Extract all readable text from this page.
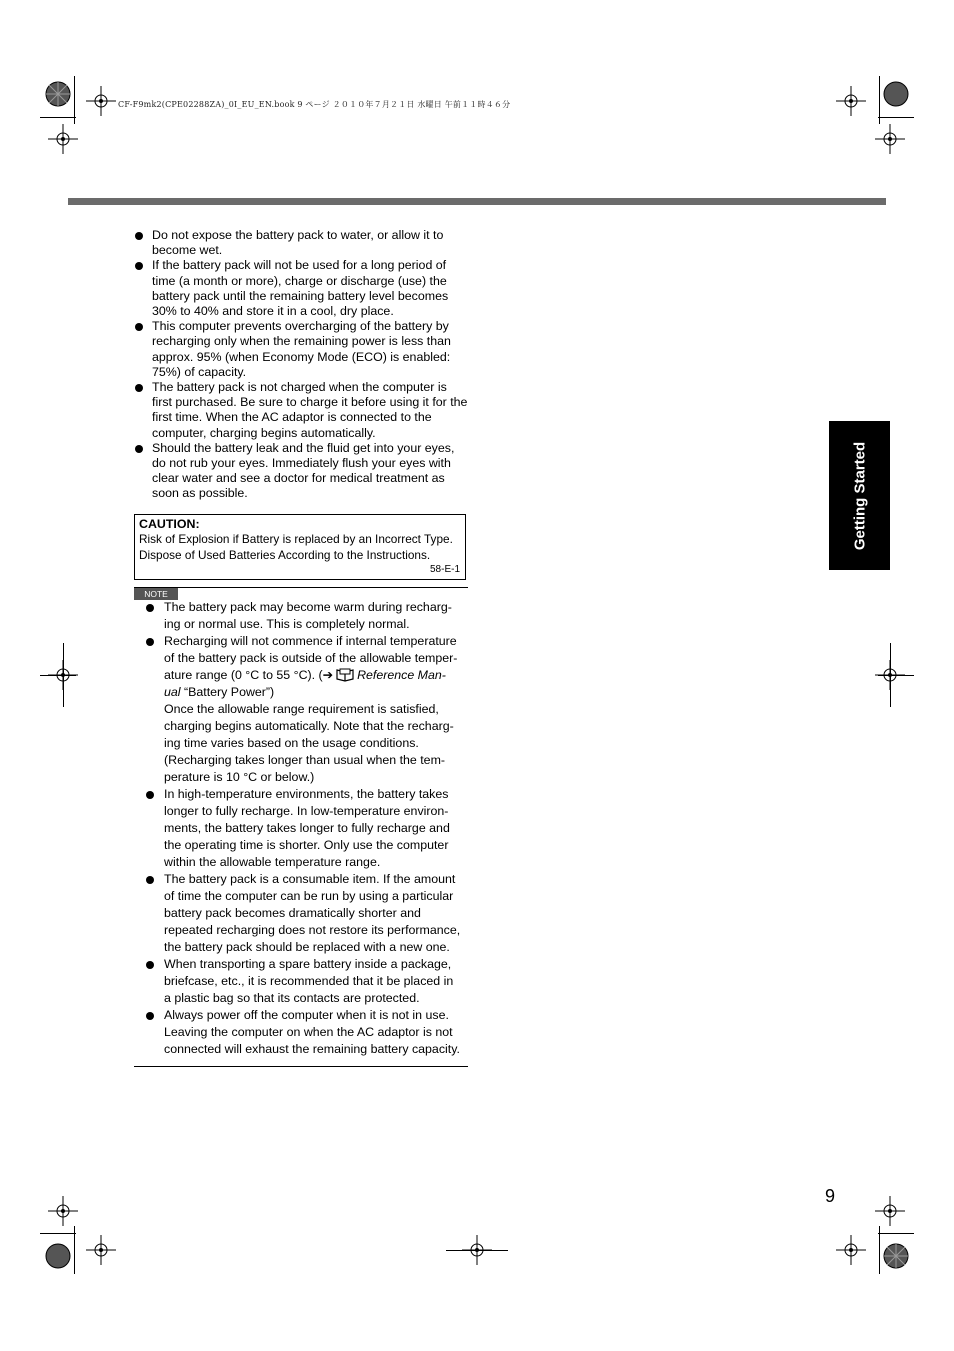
CF-F9mk2(CPE02288ZA)_0I_EU_EN.book 9 ページ ２０１０年７月２１日 水曜日 午前１１時４６分
Getting Started
Do not expose the battery pack to water, or allow it to become wet.
If the battery pack will not be used for a long period of time (a month or more), charge or discharge (use) the battery pack until the remaining battery level becomes 30% to 40% and store it in a cool, dry place.
This computer prevents overcharging of the battery by recharging only when the remaining power is less than approx. 95% (when Economy Mode (ECO) is enabled: 75%) of capacity.
The battery pack is not charged when the computer is first purchased. Be sure to charge it before using it for the first time. When the AC adaptor is connected to the computer, charging begins automatically.
Should the battery leak and the fluid get into your eyes, do not rub your eyes. Immediately flush your eyes with clear water and see a doctor for medical treatment as soon as possible.
CAUTION:
Risk of Explosion if Battery is replaced by an Incorrect Type.
Dispose of Used Batteries According to the Instructions.
58-E-1
NOTE
The battery pack may become warm during recharg-ing or normal use. This is completely normal.
Recharging will not commence if internal temperature of the battery pack is outside of the allowable temper-ature range (0 °C to 55 °C). (➔ Reference Man-ual “Battery Power”)
Once the allowable range requirement is satisfied, charging begins automatically. Note that the recharg-ing time varies based on the usage conditions. (Recharging takes longer than usual when the tem-perature is 10 °C or below.)
In high-temperature environments, the battery takes longer to fully recharge. In low-temperature environ-ments, the battery takes longer to fully recharge and the operating time is shorter. Only use the computer within the allowable temperature range.
The battery pack is a consumable item. If the amount of time the computer can be run by using a particular battery pack becomes dramatically shorter and repeated recharging does not restore its performance, the battery pack should be replaced with a new one.
When transporting a spare battery inside a package, briefcase, etc., it is recommended that it be placed in a plastic bag so that its contacts are protected.
Always power off the computer when it is not in use. Leaving the computer on when the AC adaptor is not connected will exhaust the remaining battery capacity.
9
